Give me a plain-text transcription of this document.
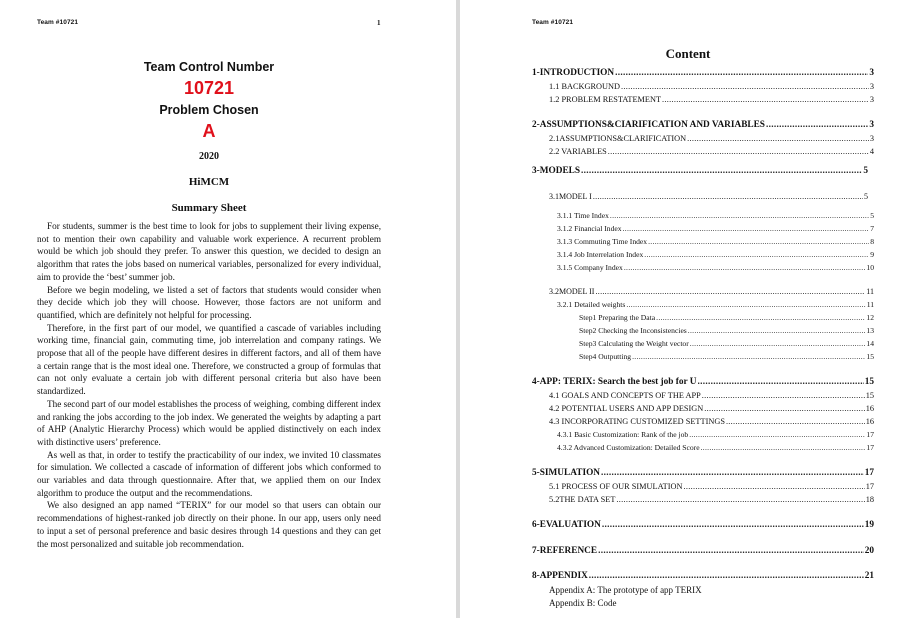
Team #10721	1
Team Control Number
10721
Problem Chosen
A
2020
HiMCM
Summary Sheet

For students, summer is the best time to look for jobs to supplement their living expense, not to mention their own capability and valuable work experience. A recurrent problem would be which job should they prefer. To answer this question, we decided to design an algorithm that rates the jobs based on numerical variables, personalized for every individual, aim to provide the ‘best’ summer job.

Before we begin modeling, we listed a set of factors that students would consider when they decide which job they will choose. However, those factors are not uniform and quantified, which are definitely not helpful for processing.

Therefore, in the first part of our model, we quantified a cascade of variables including working time, financial gain, commuting time, job interrelation and company ratings. We propose that all of the people have different desires in different factors, and all of them have a certain range that is the most ideal one. Therefore, we constructed a group of formulas that can not only evaluate a certain job with different personal criteria but also have been standardized.

The second part of our model establishes the process of weighing, combing different index and ranking the jobs according to the job index. We generated the weights by adapting a part of AHP (Analytic Hierarchy Process) which would be applied distinctively on each index with distinctive users’ preference.

As well as that, in order to testify the practicability of our index, we invited 10 classmates for simulation. We collected a cascade of information of different jobs which conformed to our variables and data through questionnaire. After that, we applied them on our Index algorithm to produce the output and the recommendations.

We also designed an app named “TERIX” for our model so that users can obtain our recommendations of highest-ranked job directly on their phone. In our app, users only need to input a set of personal preference and basic desires through 14 questions and they can get the most personalized and suitable job recommendation.

Team #10721
Content
1-INTRODUCTION .....	3
1.1 BACKGROUND .....	3
1.2 PROBLEM RESTATEMENT .....	3
2-ASSUMPTIONS&CIARIFICATION AND VARIABLES .....	3
2.1ASSUMPTIONS&CLARIFICATION .....	3
2.2 VARIABLES .....	4
3-MODELS .....	5
3.1MODEL I .....	5
3.1.1 Time Index .....	5
3.1.2 Financial Index .....	7
3.1.3 Commuting Time Index .....	8
3.1.4 Job Interrelation Index .....	9
3.1.5 Company Index .....	10
3.2MODEL II .....	11
3.2.1 Detailed weights .....	11
Step1 Preparing the Data .....	12
Step2 Checking the Inconsistencies .....	13
Step3 Calculating the Weight vector .....	14
Step4 Outputting .....	15
4-APP: TERIX: Search the best job for U .....	15
4.1 GOALS AND CONCEPTS OF THE APP .....	15
4.2 POTENTIAL USERS AND APP DESIGN .....	16
4.3 INCORPORATING CUSTOMIZED SETTINGS .....	16
4.3.1 Basic Customization: Rank of the job .....	17
4.3.2 Advanced Customization: Detailed Score .....	17
5-SIMULATION .....	17
5.1 PROCESS OF OUR SIMULATION .....	17
5.2THE DATA SET .....	18
6-EVALUATION .....	19
7-REFERENCE .....	20
8-APPENDIX .....	21
Appendix A: The prototype of app TERIX
Appendix B: Code
